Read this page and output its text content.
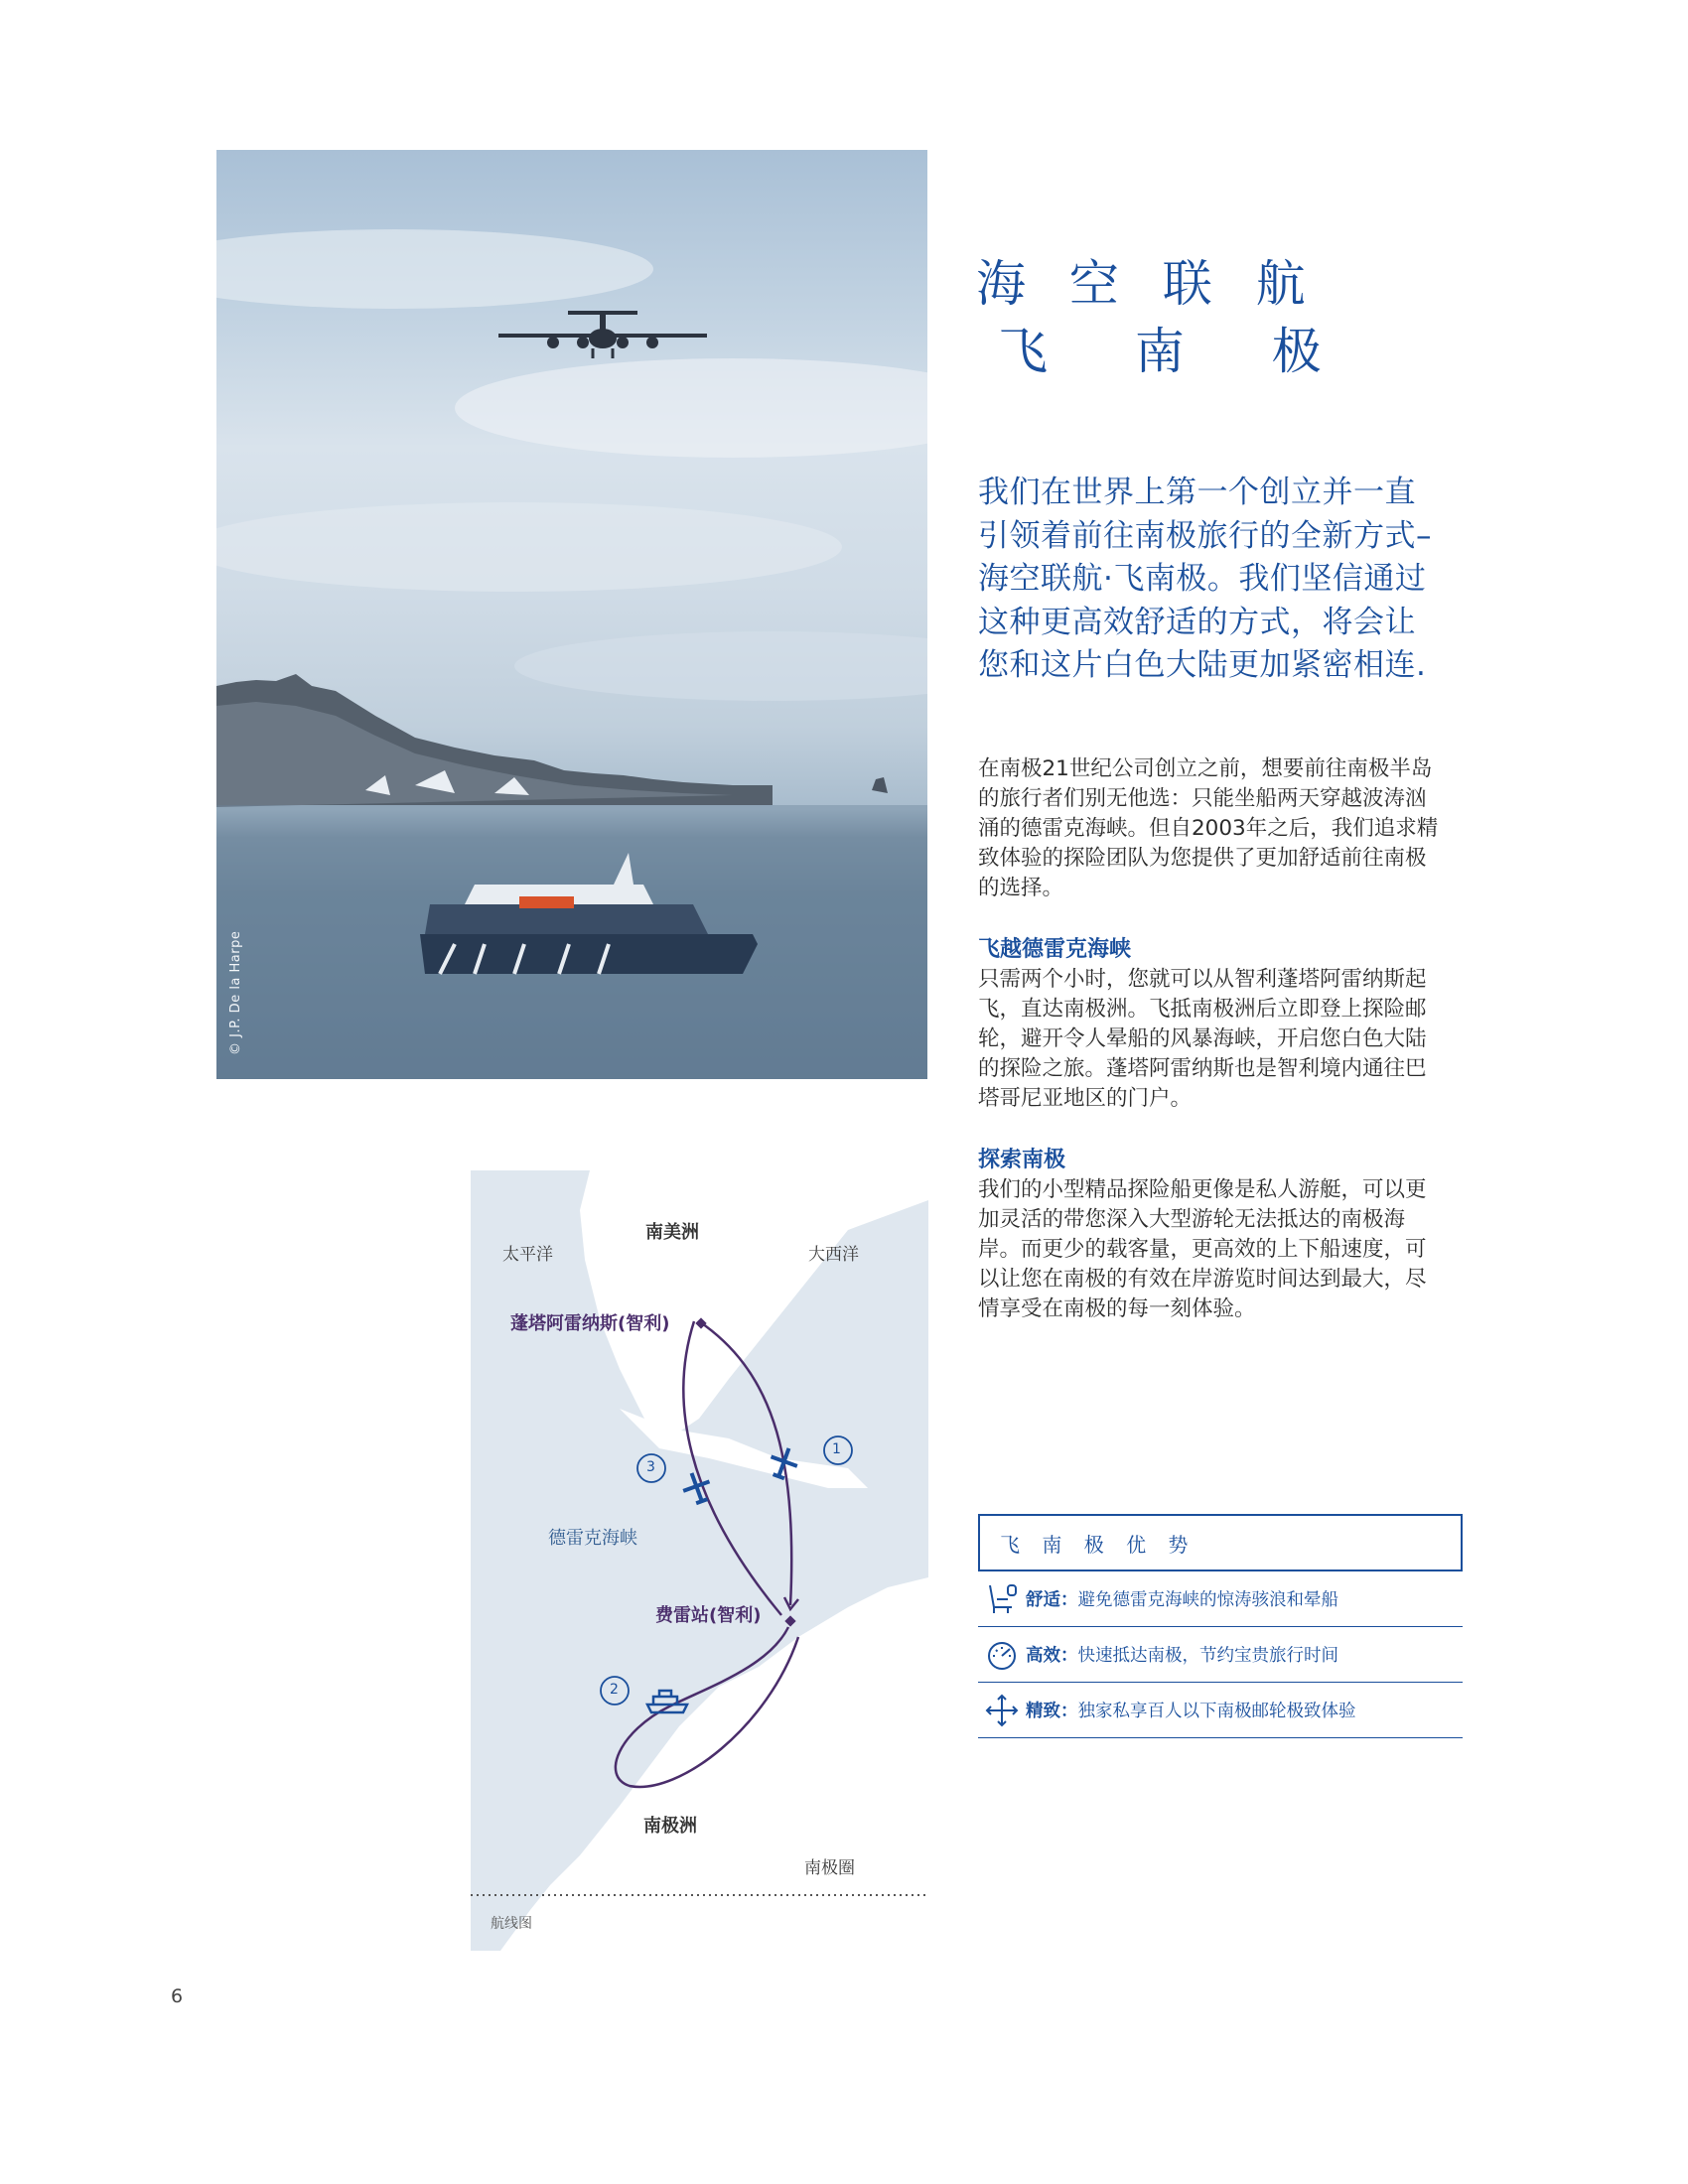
© J.P. De la Harpe
海 空 联 航
飞 南 极
我们在世界上第一个创立并一直引领着前往南极旅行的全新方式–海空联航·飞南极。我们坚信通过这种更高效舒适的方式，将会让您和这片白色大陆更加紧密相连.
在南极21世纪公司创立之前，想要前往南极半岛的旅行者们别无他选：只能坐船两天穿越波涛汹涌的德雷克海峡。但自2003年之后，我们追求精致体验的探险团队为您提供了更加舒适前往南极的选择。
飞越德雷克海峡
只需两个小时，您就可以从智利蓬塔阿雷纳斯起飞，直达南极洲。飞抵南极洲后立即登上探险邮轮，避开令人晕船的风暴海峡，开启您白色大陆的探险之旅。蓬塔阿雷纳斯也是智利境内通往巴塔哥尼亚地区的门户。
探索南极
我们的小型精品探险船更像是私人游艇，可以更加灵活的带您深入大型游轮无法抵达的南极海岸。而更少的载客量，更高效的上下船速度，可以让您在南极的有效在岸游览时间达到最大，尽情享受在南极的每一刻体验。
飞 南 极 优 势
舒适： 避免德雷克海峡的惊涛骇浪和晕船
高效： 快速抵达南极，节约宝贵旅行时间
精致： 独家私享百人以下南极邮轮极致体验
南美洲
太平洋	大西洋
蓬塔阿雷纳斯(智利)
德雷克海峡
费雷站(智利)
南极洲
南极圈
航线图
1
2
3
6
